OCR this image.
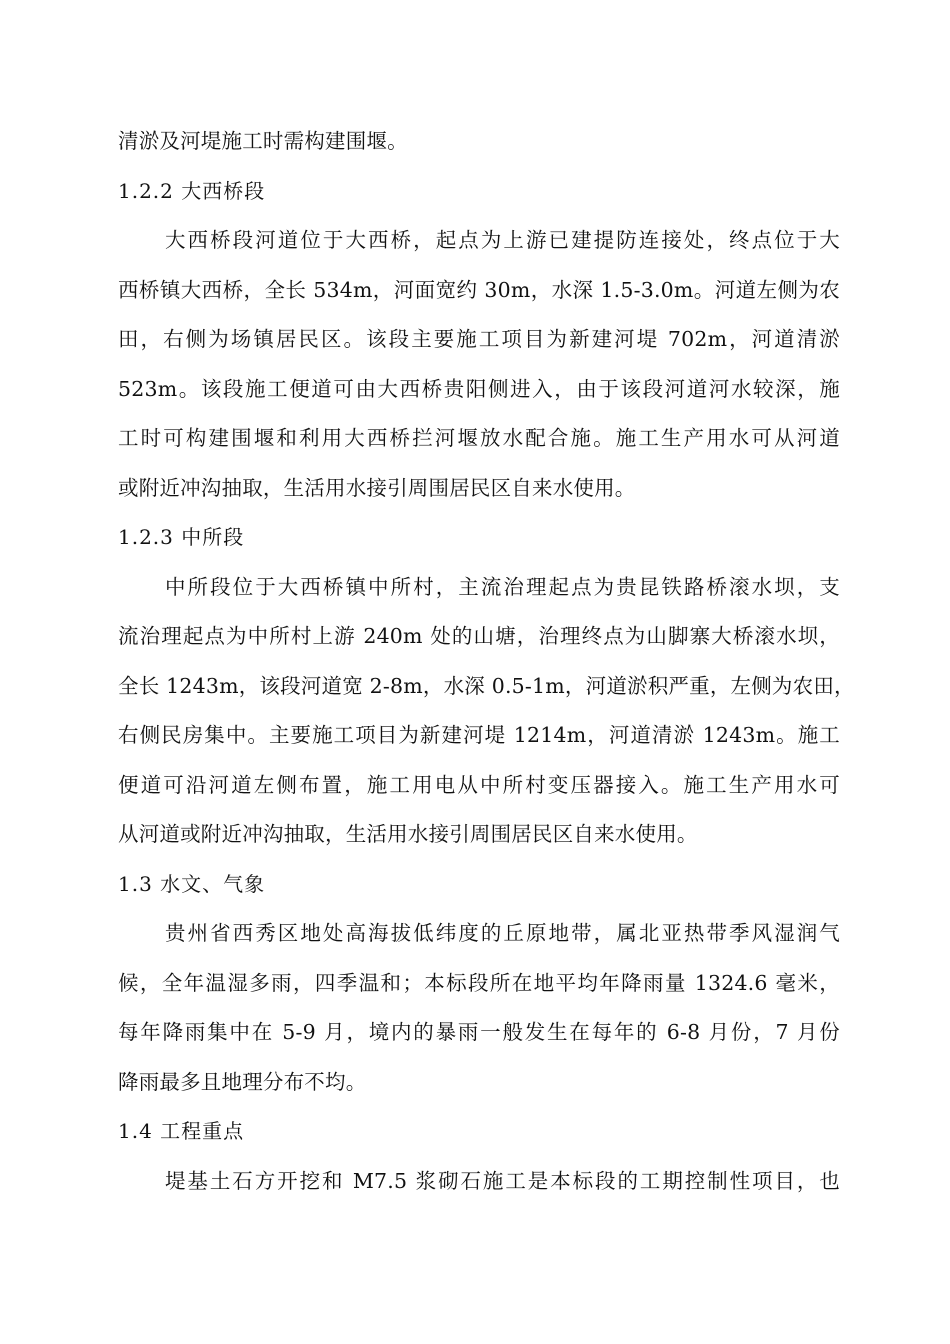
清淤及河堤施工时需构建围堰。
1.2.2 大西桥段
大西桥段河道位于大西桥，起点为上游已建提防连接处，终点位于大
西桥镇大西桥，全长 534m，河面宽约 30m，水深 1.5-3.0m。河道左侧为农
田，右侧为场镇居民区。该段主要施工项目为新建河堤 702m，河道清淤
523m。该段施工便道可由大西桥贵阳侧进入，由于该段河道河水较深，施
工时可构建围堰和利用大西桥拦河堰放水配合施。施工生产用水可从河道
或附近冲沟抽取，生活用水接引周围居民区自来水使用。
1.2.3 中所段
中所段位于大西桥镇中所村，主流治理起点为贵昆铁路桥滚水坝，支
流治理起点为中所村上游 240m 处的山塘，治理终点为山脚寨大桥滚水坝，
全长 1243m，该段河道宽 2-8m，水深 0.5-1m，河道淤积严重，左侧为农田，
右侧民房集中。主要施工项目为新建河堤 1214m，河道清淤 1243m。施工
便道可沿河道左侧布置，施工用电从中所村变压器接入。施工生产用水可
从河道或附近冲沟抽取，生活用水接引周围居民区自来水使用。
1.3 水文、气象
贵州省西秀区地处高海拔低纬度的丘原地带，属北亚热带季风湿润气
候，全年温湿多雨，四季温和；本标段所在地平均年降雨量 1324.6 毫米，
每年降雨集中在 5-9 月，境内的暴雨一般发生在每年的 6-8 月份，7 月份
降雨最多且地理分布不均。
1.4 工程重点
堤基土石方开挖和 M7.5 浆砌石施工是本标段的工期控制性项目，也
